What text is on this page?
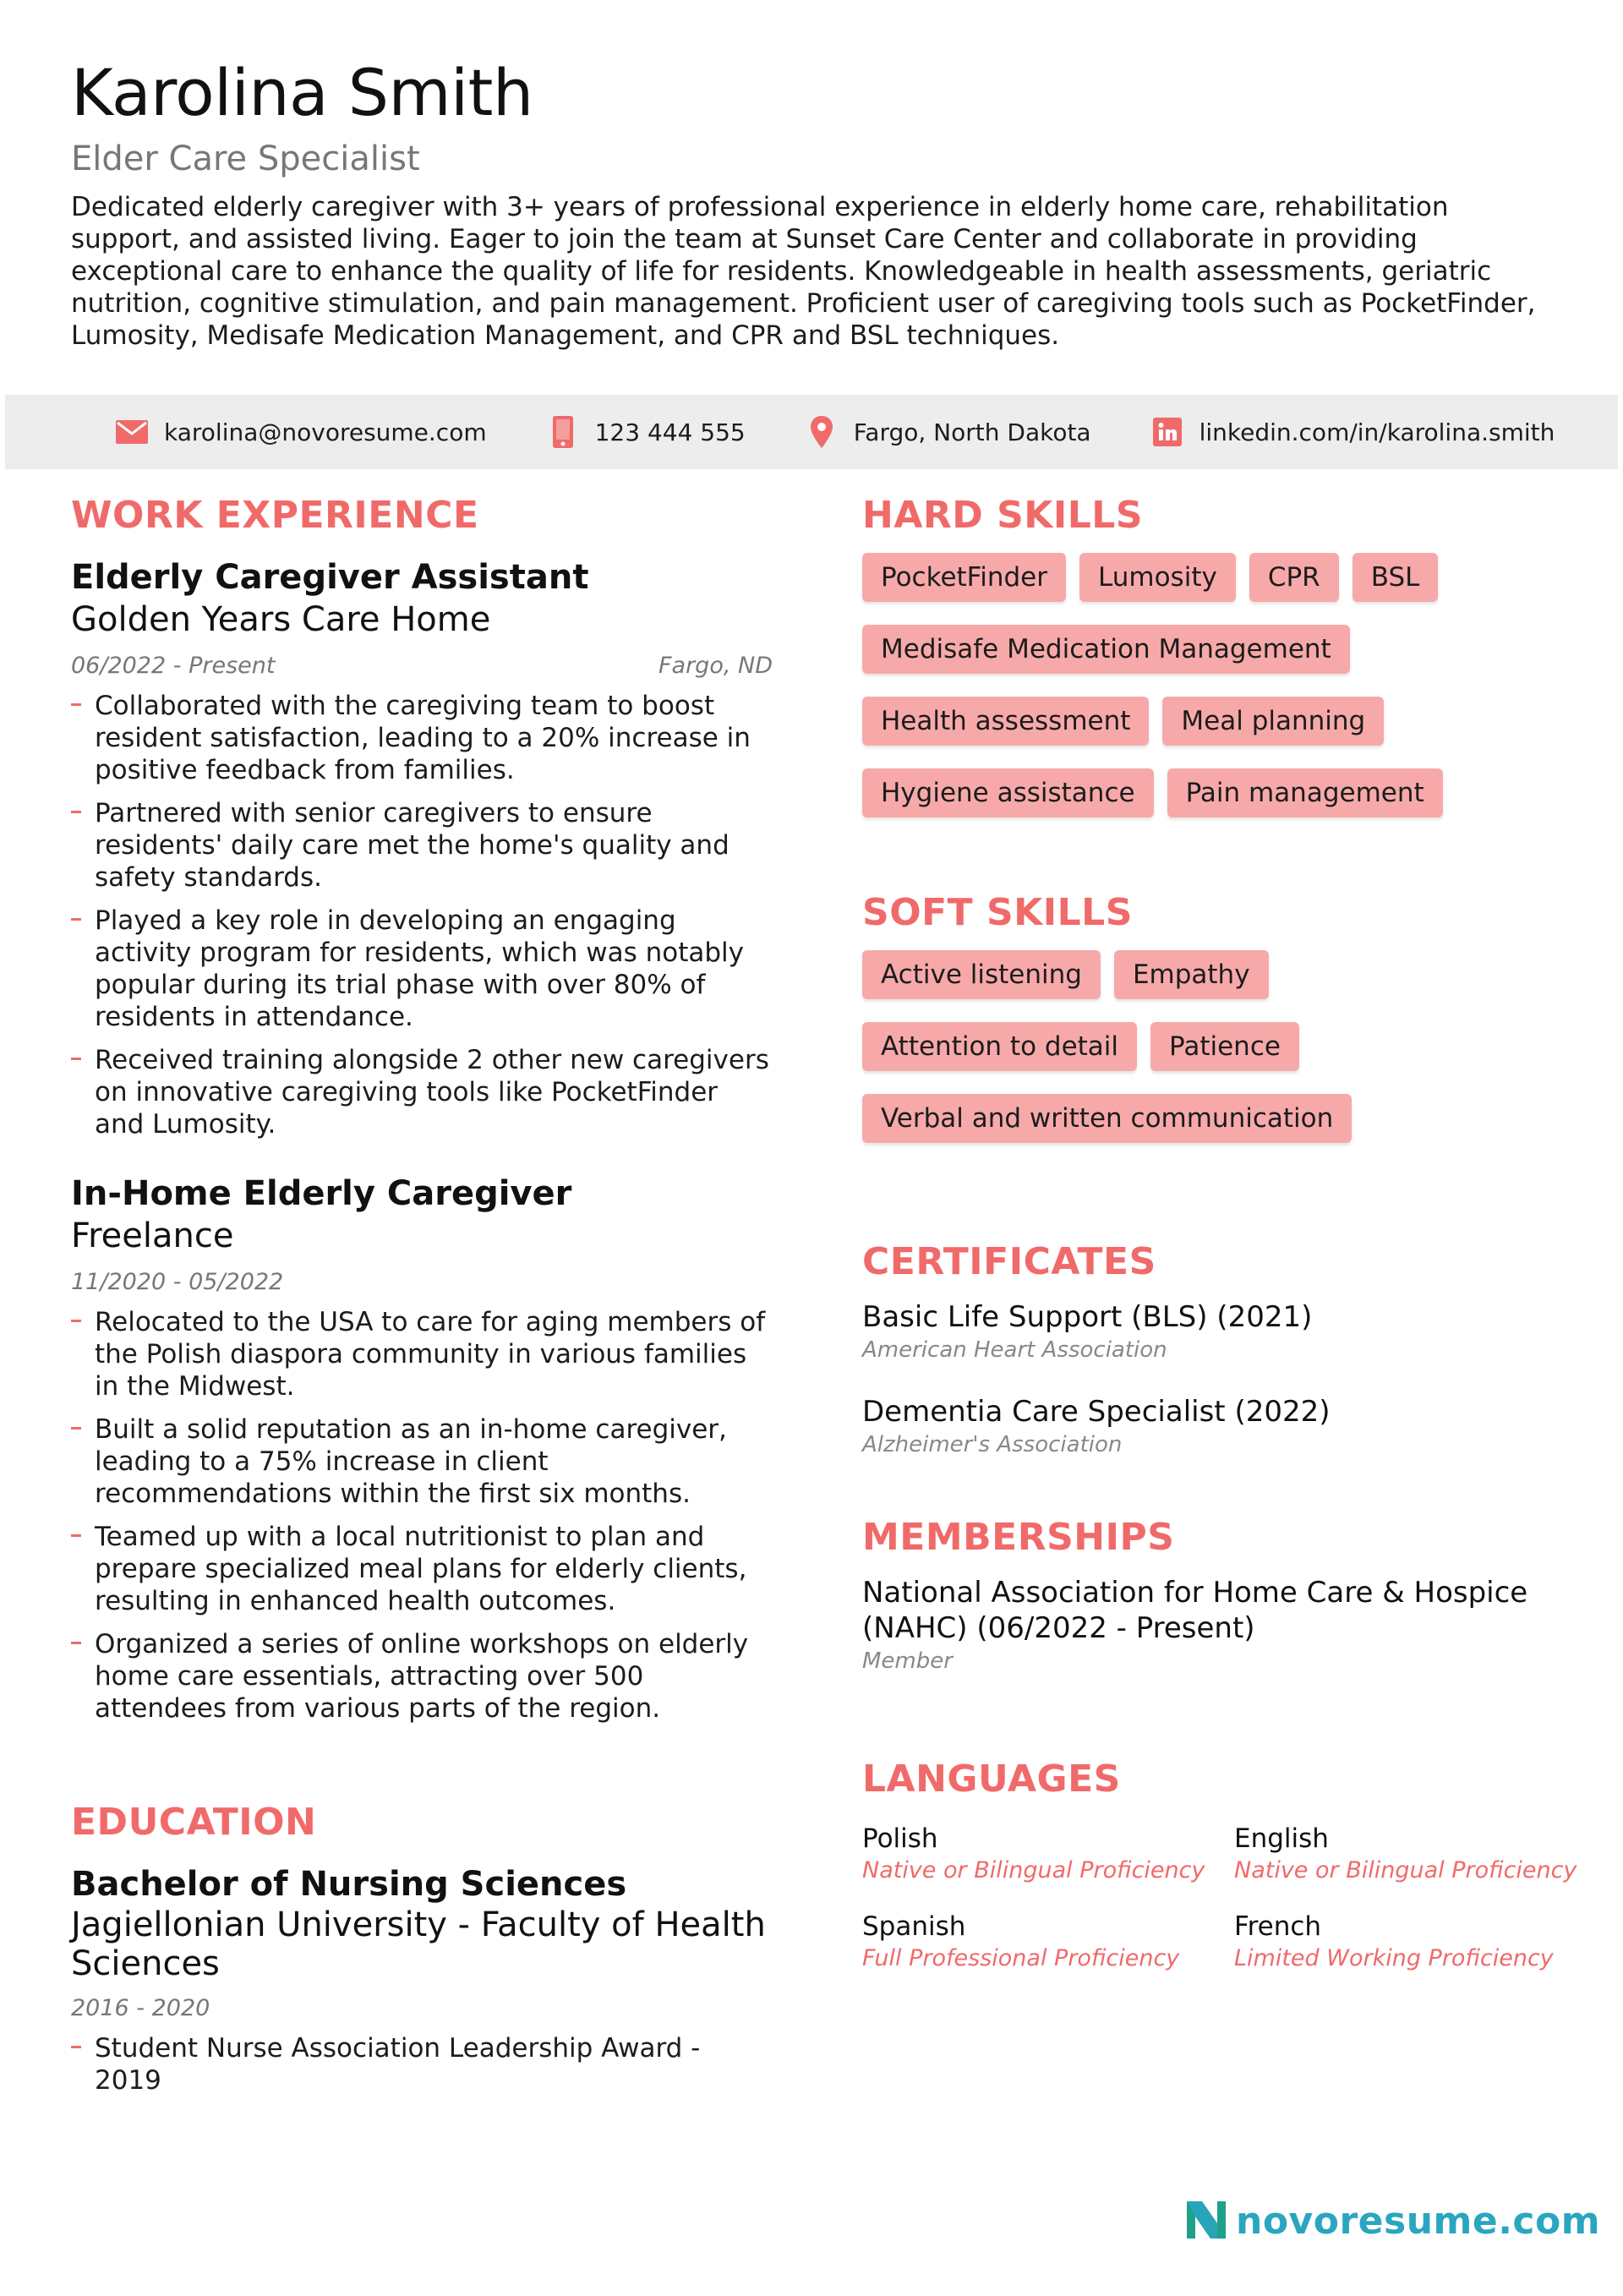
Karolina Smith
Elder Care Specialist

Dedicated elderly caregiver with 3+ years of professional experience in elderly home care, rehabilitation support, and assisted living. Eager to join the team at Sunset Care Center and collaborate in providing exceptional care to enhance the quality of life for residents. Knowledgeable in health assessments, geriatric nutrition, cognitive stimulation, and pain management. Proficient user of caregiving tools such as PocketFinder, Lumosity, Medisafe Medication Management, and CPR and BSL techniques.

karolina@novoresume.com	123 444 555	Fargo, North Dakota	linkedin.com/in/karolina.smith
WORK EXPERIENCE
Elderly Caregiver Assistant
Golden Years Care Home
06/2022 - Present	Fargo, ND
Collaborated with the caregiving team to boost resident satisfaction, leading to a 20% increase in positive feedback from families.
Partnered with senior caregivers to ensure residents' daily care met the home's quality and safety standards.
Played a key role in developing an engaging activity program for residents, which was notably popular during its trial phase with over 80% of residents in attendance.
Received training alongside 2 other new caregivers on innovative caregiving tools like PocketFinder and Lumosity.
In-Home Elderly Caregiver
Freelance
11/2020 - 05/2022
Relocated to the USA to care for aging members of the Polish diaspora community in various families in the Midwest.
Built a solid reputation as an in-home caregiver, leading to a 75% increase in client recommendations within the first six months.
Teamed up with a local nutritionist to plan and prepare specialized meal plans for elderly clients, resulting in enhanced health outcomes.
Organized a series of online workshops on elderly home care essentials, attracting over 500 attendees from various parts of the region.
EDUCATION
Bachelor of Nursing Sciences
Jagiellonian University - Faculty of Health Sciences
2016 - 2020
Student Nurse Association Leadership Award - 2019
HARD SKILLS
PocketFinder	Lumosity	CPR	BSL
Medisafe Medication Management
Health assessment	Meal planning
Hygiene assistance	Pain management
SOFT SKILLS
Active listening	Empathy
Attention to detail	Patience
Verbal and written communication
CERTIFICATES
Basic Life Support (BLS) (2021)
American Heart Association
Dementia Care Specialist (2022)
Alzheimer's Association
MEMBERSHIPS
National Association for Home Care & Hospice (NAHC) (06/2022 - Present)
Member
LANGUAGES
Polish
Native or Bilingual Proficiency
English
Native or Bilingual Proficiency
Spanish
Full Professional Proficiency
French
Limited Working Proficiency
novoresume.com
